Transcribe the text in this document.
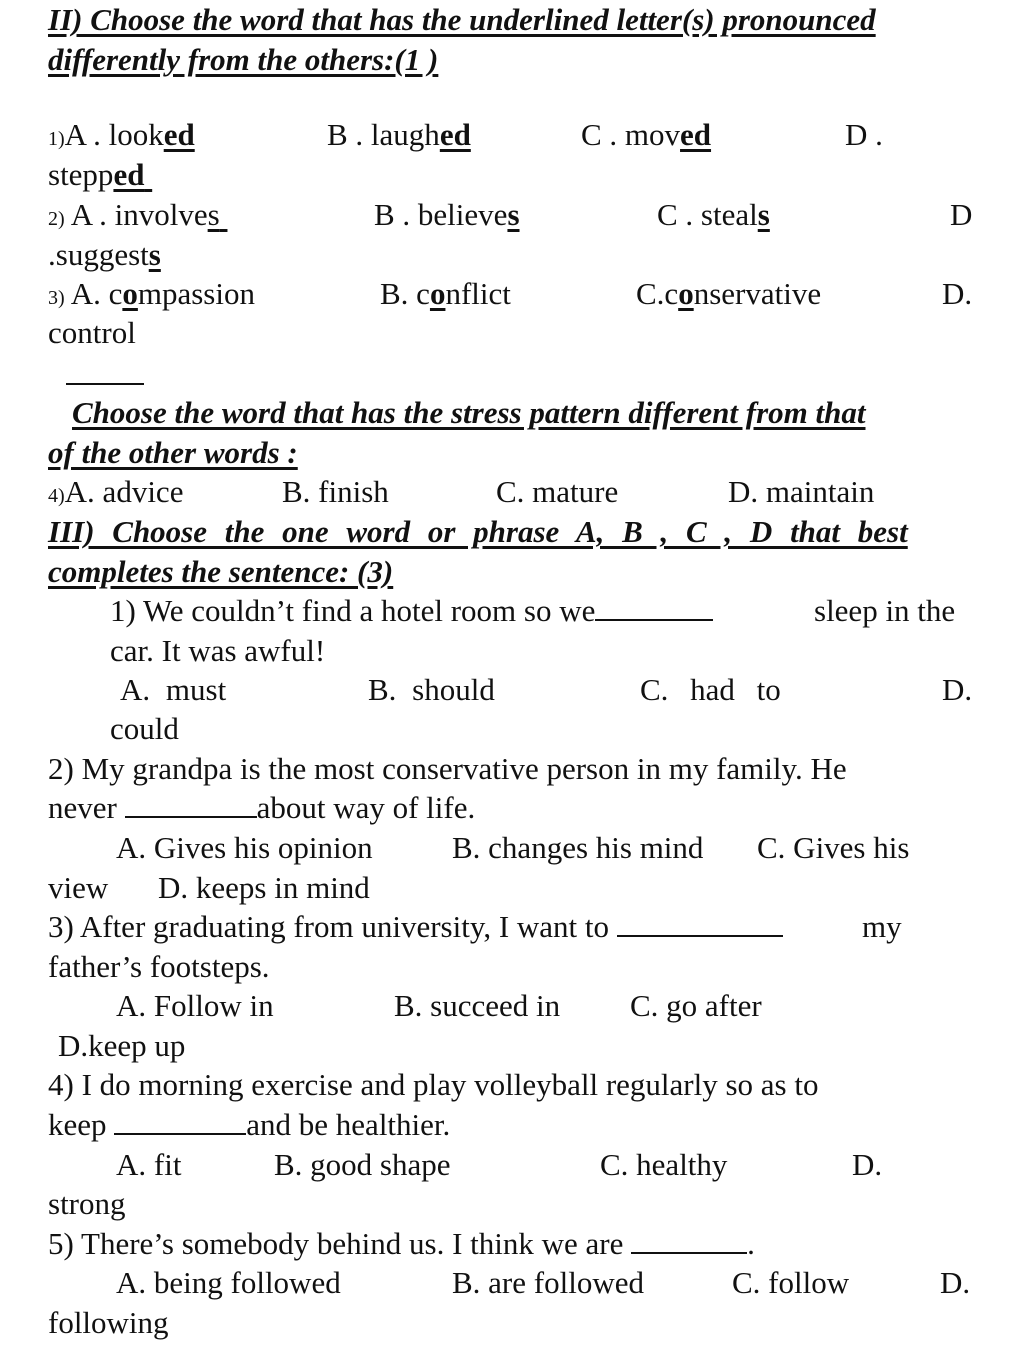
II) Choose the word that has the underlined letter(s) pronounced
differently from the others:(1 )
1)A . looked	B . laughed	C . moved	D .
stepped
2) A . involves	B . believes	C . steals	D
.suggests
3) A. compassion	B. conflict	C.conservative	D.
control
Choose the word that has the stress pattern different from that
of the other words :
4)A. advice	B. finish	C. mature	D. maintain
III) Choose the one word or phrase A, B , C , D that best
completes the sentence: (3)
1) We couldn’t find a hotel room so we	sleep in the
car. It was awful!
A. must	B. should	C. had to	D.
could
2) My grandpa is the most conservative person in my family. He
never	about way of life.
A. Gives his opinion	B. changes his mind C. Gives his
view D. keeps in mind
3) After graduating from university, I want to	my
father’s footsteps.
A. Follow in	B. succeed in C. go after
D.keep up
4) I do morning exercise and play volleyball regularly so as to
keep	and be healthier.
A. fit	B. good shape	C. healthy	D.
strong
5) There’s somebody behind us. I think we are	.
A. being followed	B. are followed	C. follow	D.
following
